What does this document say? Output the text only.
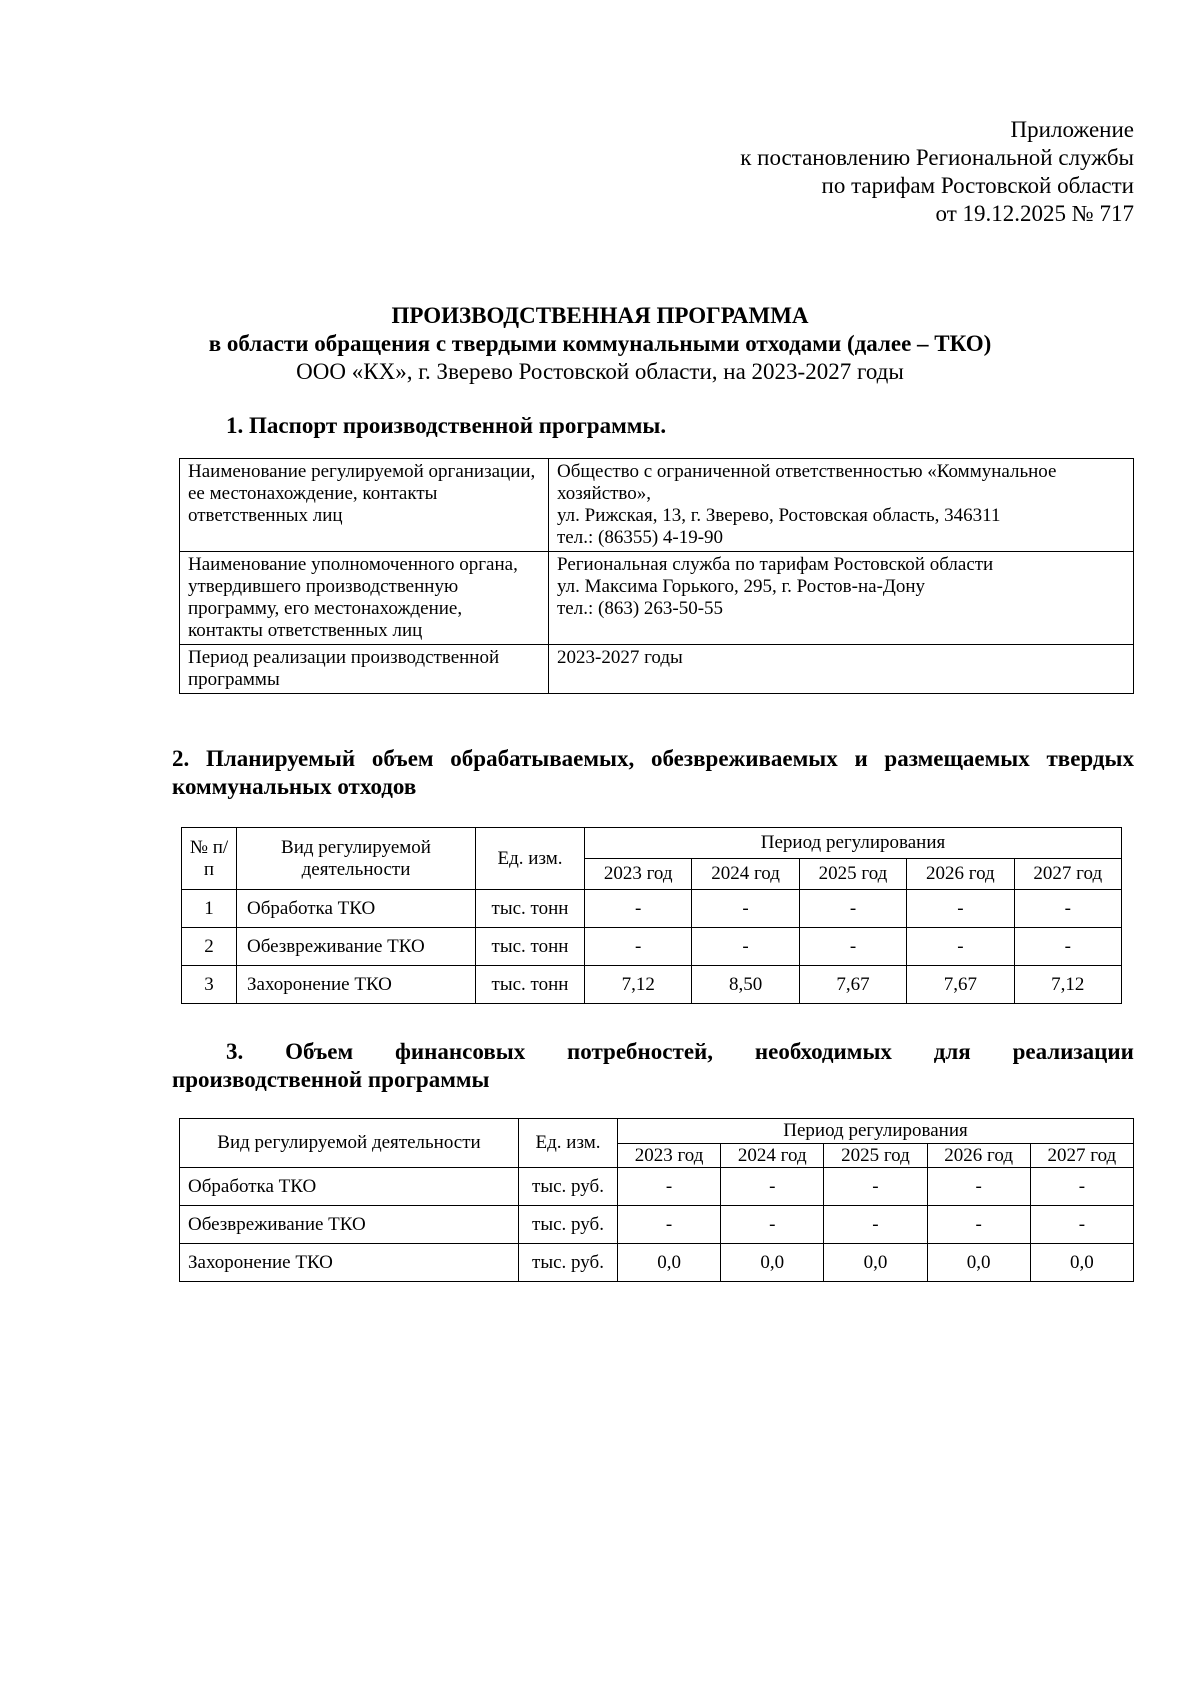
Приложение
к постановлению Региональной службы
по тарифам Ростовской области
от 19.12.2025 № 717
ПРОИЗВОДСТВЕННАЯ ПРОГРАММА
в области обращения с твердыми коммунальными отходами (далее – ТКО)
ООО «КХ», г. Зверево Ростовской области, на 2023-2027 годы
1. Паспорт производственной программы.
Наименование регулируемой организации, ее местонахождение, контакты ответственных лиц	Общество с ограниченной ответственностью «Коммунальное хозяйство»,
ул. Рижская, 13, г. Зверево, Ростовская область, 346311
тел.: (86355) 4-19-90

Наименование уполномоченного органа, утвердившего производственную программу, его местонахождение, контакты ответственных лиц	Региональная служба по тарифам Ростовской области
ул. Максима Горького, 295, г. Ростов-на-Дону
тел.: (863) 263-50-55

Период реализации производственной программы	2023-2027 годы
2. Планируемый объем обрабатываемых, обезвреживаемых и размещаемых твердых коммунальных отходов
№ п/п	Вид регулируемой деятельности	Ед. изм.	Период регулирования				
			2023 год	2024 год	2025 год	2026 год	2027 год
1	Обработка ТКО	тыс. тонн	-	-	-	-	-
2	Обезвреживание ТКО	тыс. тонн	-	-	-	-	-
3	Захоронение ТКО	тыс. тонн	7,12	8,50	7,67	7,67	7,12
3. Объем финансовых потребностей, необходимых для реализации
производственной программы
Вид регулируемой деятельности	Ед. изм.	Период регулирования				
		2023 год	2024 год	2025 год	2026 год	2027 год
Обработка ТКО	тыс. руб.	-	-	-	-	-
Обезвреживание ТКО	тыс. руб.	-	-	-	-	-
Захоронение ТКО	тыс. руб.	0,0	0,0	0,0	0,0	0,0
